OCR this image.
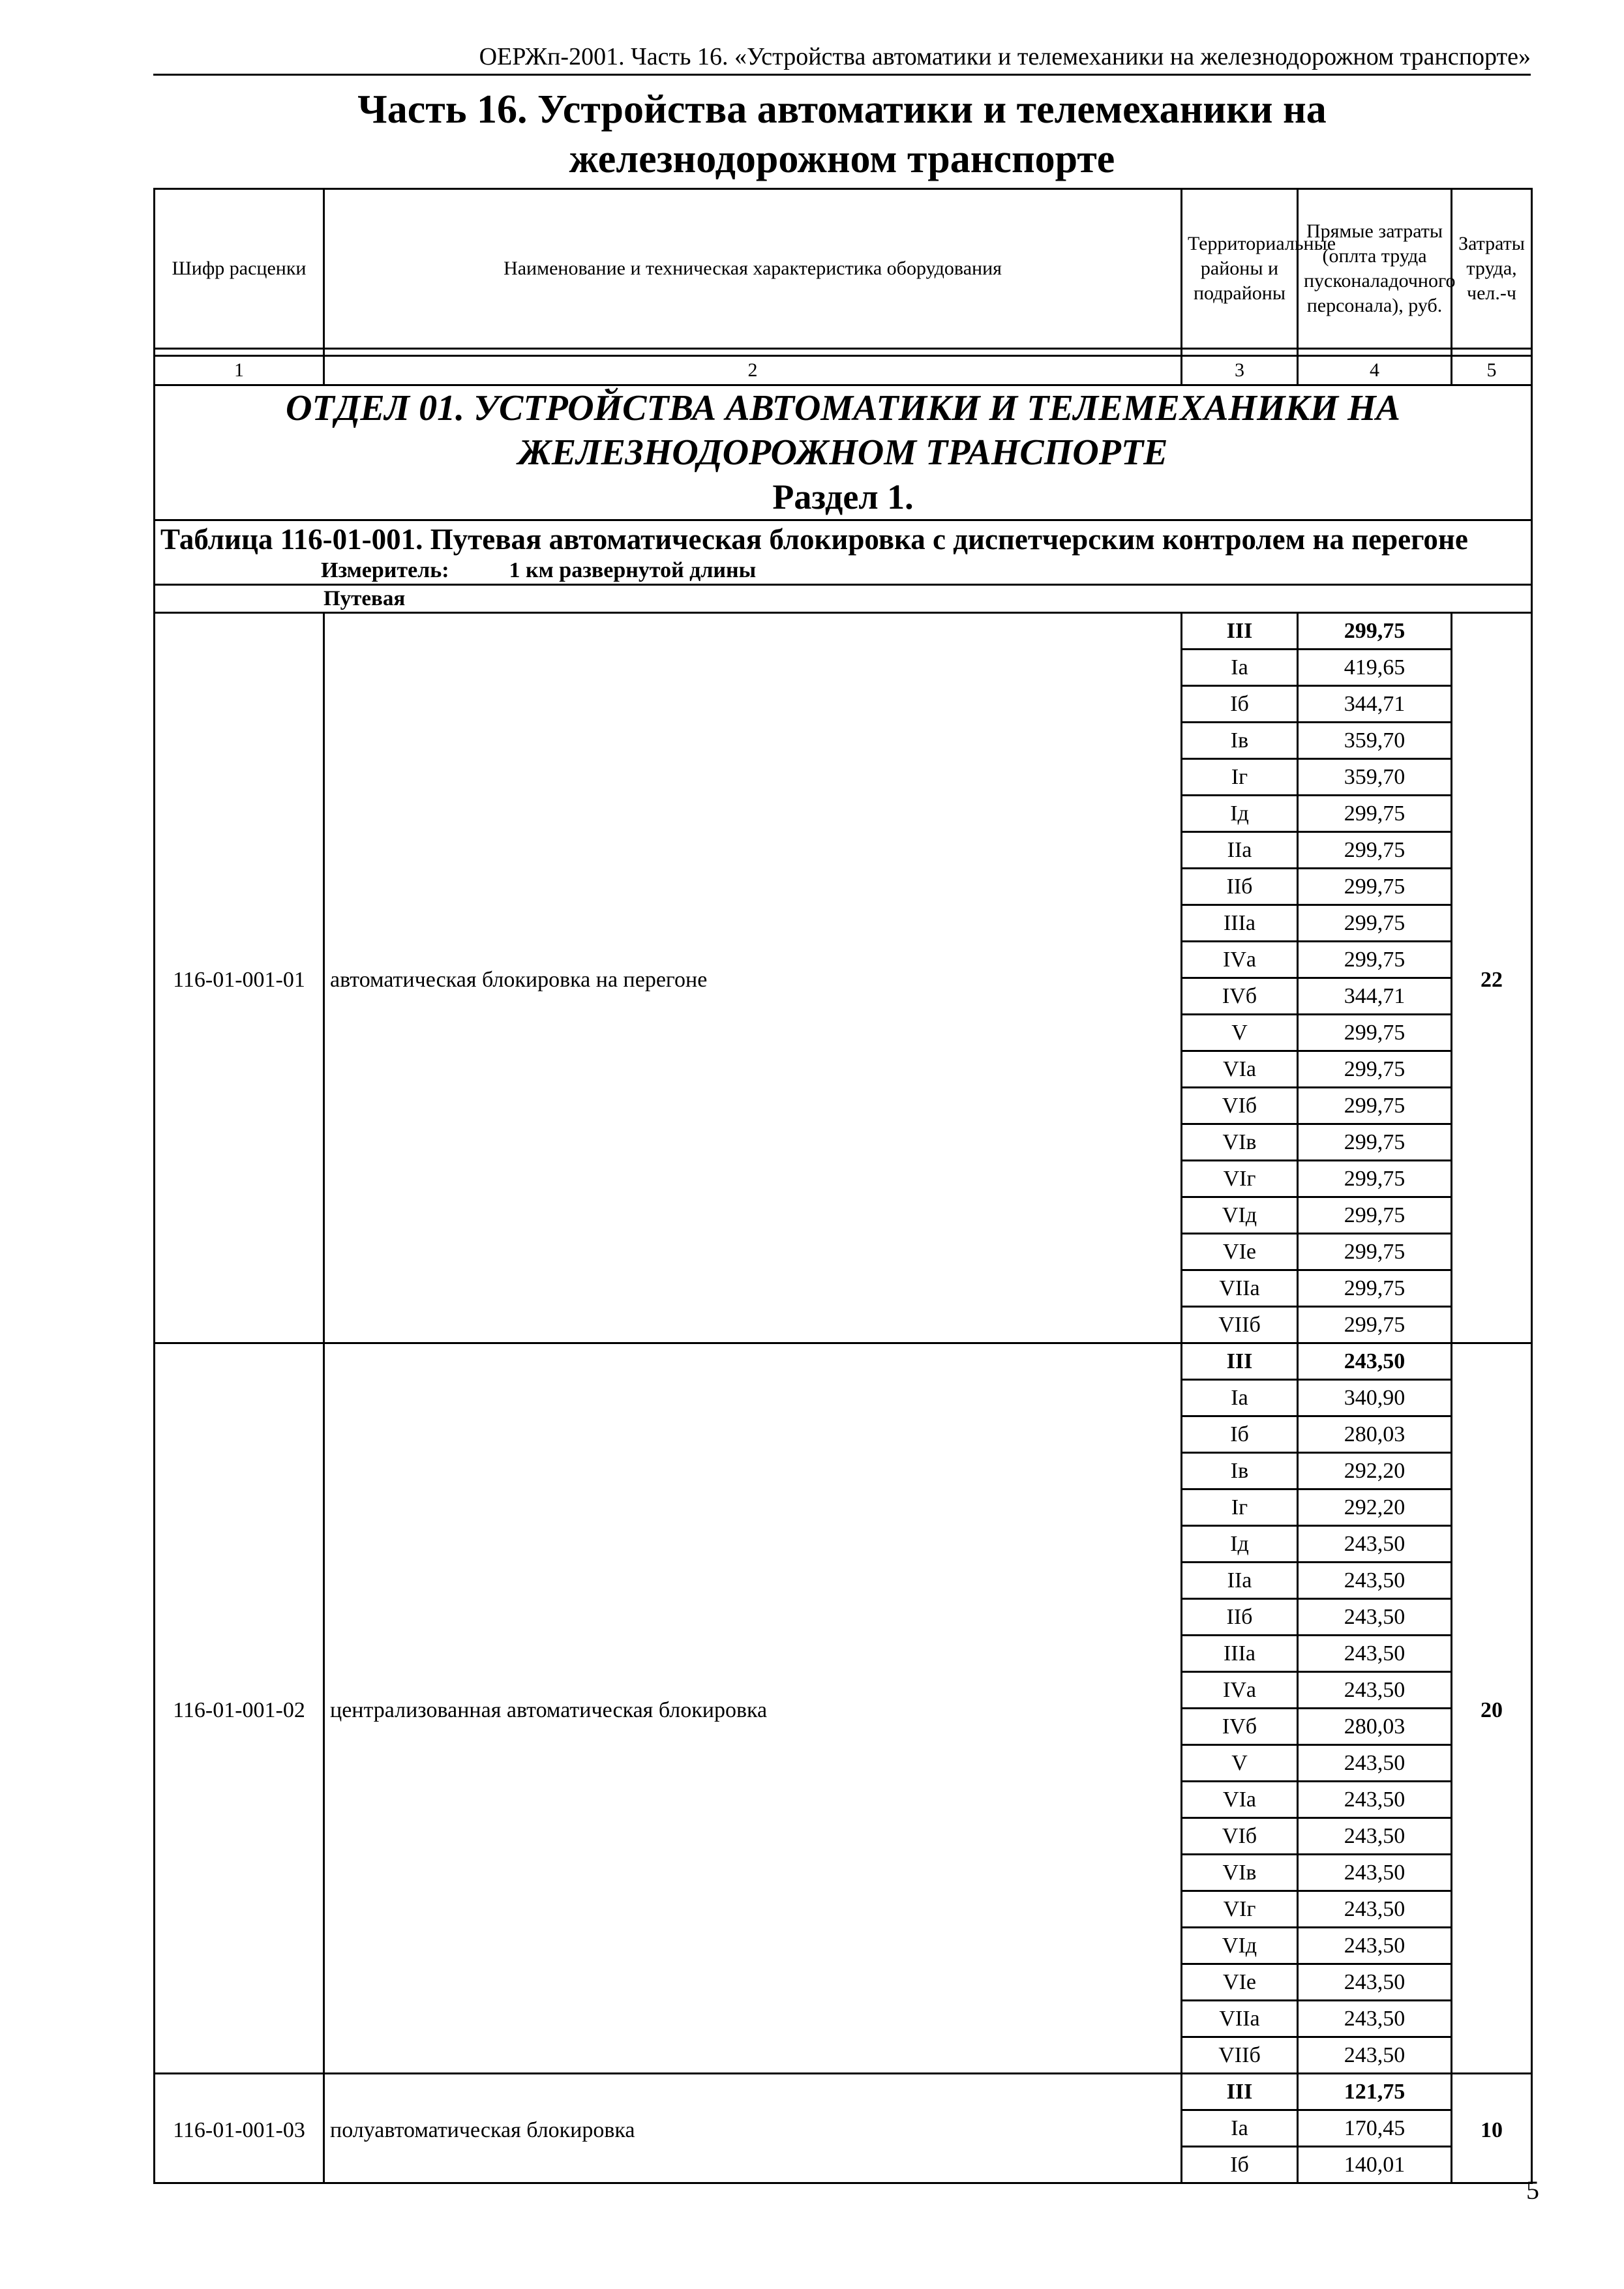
ОЕРЖп-2001. Часть 16. «Устройства автоматики и телемеханики на железнодорожном транспорте»
Часть 16. Устройства автоматики и телемеханики на
железнодорожном транспорте
Шифр расценки	Наименование и техническая характеристика оборудования	Территориальные районы и подрайоны	Прямые затраты (оплта труда пусконаладочного персонала), руб.	Затраты труда, чел.-ч

1	2	3	4	5

ОТДЕЛ 01. УСТРОЙСТВА АВТОМАТИКИ И ТЕЛЕМЕХАНИКИ НА
ЖЕЛЕЗНОДОРОЖНОМ ТРАНСПОРТЕ
Раздел 1.				

Таблица 116-01-001. Путевая автоматическая блокировка с диспетчерским контролем на перегоне
Измеритель: 1 км развернутой длины				

Путевая				
116-01-001-01	автоматическая блокировка на перегоне	III	299,75	22
		Iа	419,65	
		Iб	344,71	
		Iв	359,70	
		Iг	359,70	
		Iд	299,75	
		IIа	299,75	
		IIб	299,75	
		IIIа	299,75	
		IVа	299,75	
		IVб	344,71	
		V	299,75	
		VIа	299,75	
		VIб	299,75	
		VIв	299,75	
		VIг	299,75	
		VIд	299,75	
		VIе	299,75	
		VIIа	299,75	
		VIIб	299,75	
116-01-001-02	централизованная автоматическая блокировка	III	243,50	20
		Iа	340,90	
		Iб	280,03	
		Iв	292,20	
		Iг	292,20	
		Iд	243,50	
		IIа	243,50	
		IIб	243,50	
		IIIа	243,50	
		IVа	243,50	
		IVб	280,03	
		V	243,50	
		VIа	243,50	
		VIб	243,50	
		VIв	243,50	
		VIг	243,50	
		VIд	243,50	
		VIе	243,50	
		VIIа	243,50	
		VIIб	243,50	
116-01-001-03	полуавтоматическая блокировка	III	121,75	10
		Iа	170,45	
		Iб	140,01	
5
